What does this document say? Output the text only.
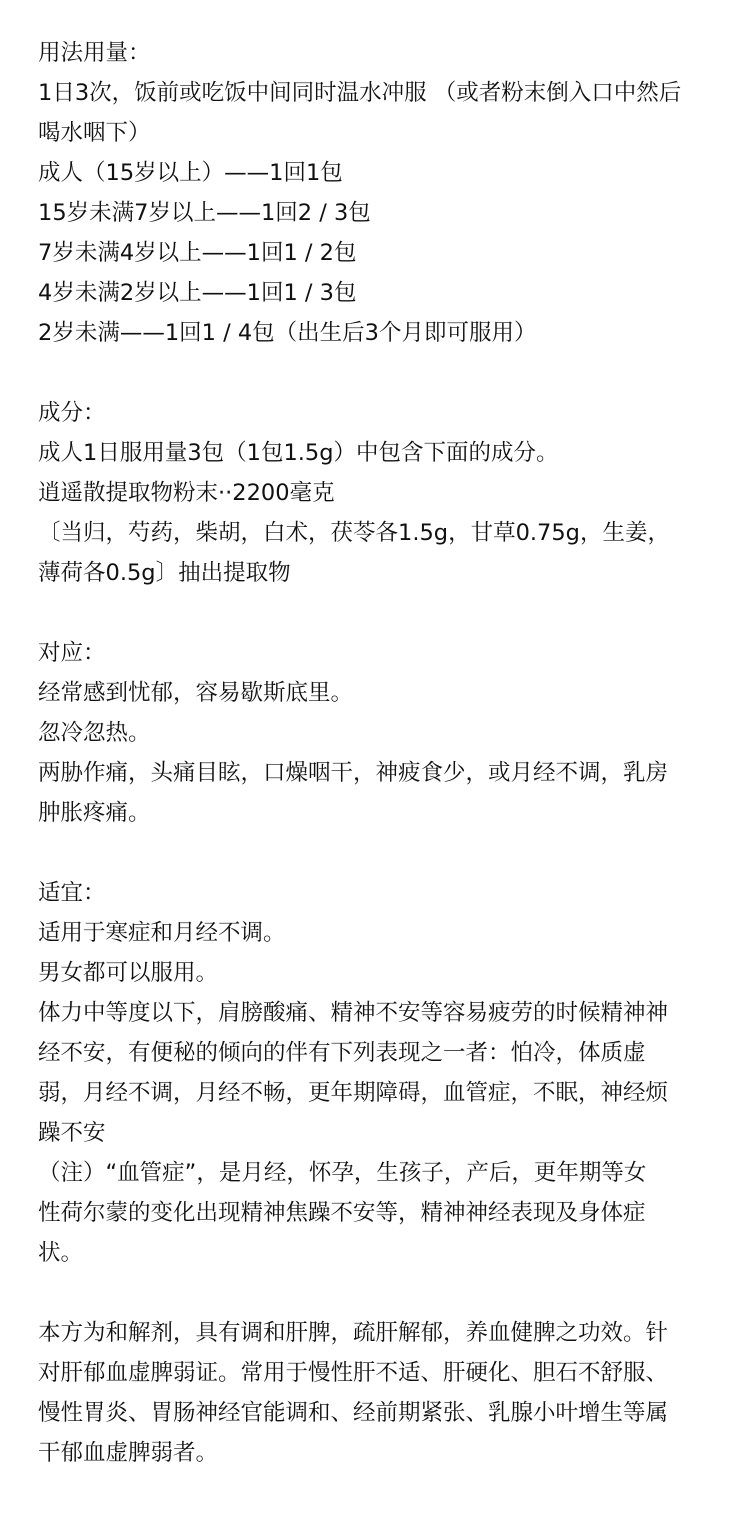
用法用量：
1日3次，饭前或吃饭中间同时温水冲服 （或者粉末倒入口中然后
喝水咽下）
成人（15岁以上）——1回1包
15岁未满7岁以上——1回2 / 3包
7岁未满4岁以上——1回1 / 2包
4岁未满2岁以上——1回1 / 3包
2岁未满——1回1 / 4包（出生后3个月即可服用）
成分：
成人1日服用量3包（1包1.5g）中包含下面的成分。
逍遥散提取物粉末··2200毫克
〔当归，芍药，柴胡，白术，茯苓各1.5g，甘草0.75g，生姜，
薄荷各0.5g〕抽出提取物
对应：
经常感到忧郁，容易歇斯底里。
忽冷忽热。
两胁作痛，头痛目眩，口燥咽干，神疲食少，或月经不调，乳房
肿胀疼痛。
适宜：
适用于寒症和月经不调。
男女都可以服用。
体力中等度以下，肩膀酸痛、精神不安等容易疲劳的时候精神神
经不安，有便秘的倾向的伴有下列表现之一者：怕冷，体质虚
弱，月经不调，月经不畅，更年期障碍，血管症，不眠，神经烦
躁不安
（注）“血管症”，是月经，怀孕，生孩子，产后，更年期等女
性荷尔蒙的变化出现精神焦躁不安等，精神神经表现及身体症
状。
本方为和解剂，具有调和肝脾，疏肝解郁，养血健脾之功效。针
对肝郁血虚脾弱证。常用于慢性肝不适、肝硬化、胆石不舒服、
慢性胃炎、胃肠神经官能调和、经前期紧张、乳腺小叶增生等属
干郁血虚脾弱者。
